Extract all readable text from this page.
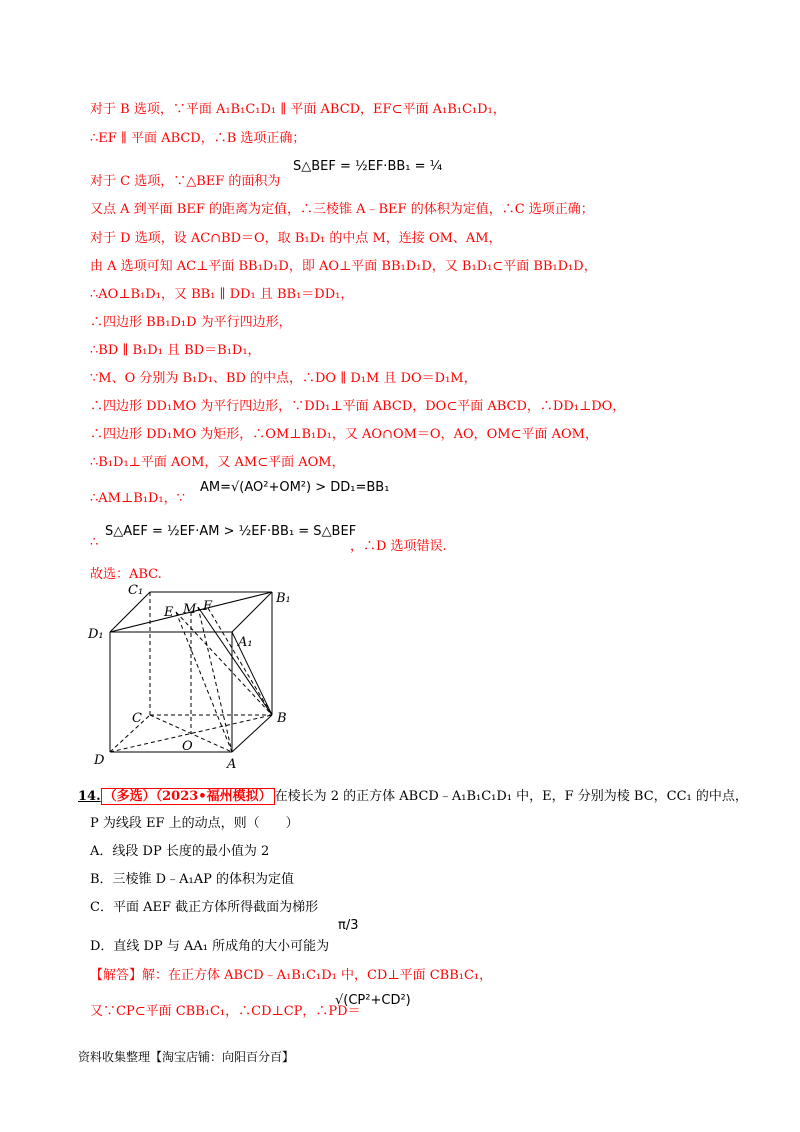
对于 B 选项，∵平面 A₁B₁C₁D₁ ∥ 平面 ABCD，EF⊂平面 A₁B₁C₁D₁，
∴EF ∥ 平面 ABCD，∴B 选项正确；
对于 C 选项，∵△BEF 的面积为
S△BEF = ½EF·BB₁ = ¼
又点 A 到平面 BEF 的距离为定值，∴三棱锥 A﹣BEF 的体积为定值，∴C 选项正确；
对于 D 选项，设 AC∩BD＝O，取 B₁D₁ 的中点 M，连接 OM、AM，
由 A 选项可知 AC⊥平面 BB₁D₁D，即 AO⊥平面 BB₁D₁D，又 B₁D₁⊂平面 BB₁D₁D，
∴AO⊥B₁D₁，又 BB₁ ∥ DD₁ 且 BB₁＝DD₁，
∴四边形 BB₁D₁D 为平行四边形，
∴BD ∥ B₁D₁ 且 BD＝B₁D₁，
∵M、O 分别为 B₁D₁、BD 的中点，∴DO ∥ D₁M 且 DO＝D₁M，
∴四边形 DD₁MO 为平行四边形，∵DD₁⊥平面 ABCD，DO⊂平面 ABCD，∴DD₁⊥DO，
∴四边形 DD₁MO 为矩形，∴OM⊥B₁D₁，又 AO∩OM＝O，AO，OM⊂平面 AOM，
∴B₁D₁⊥平面 AOM，又 AM⊂平面 AOM，
∴AM⊥B₁D₁，∵
AM=√(AO²+OM²) > DD₁=BB₁
∴
S△AEF = ½EF·AM > ½EF·BB₁ = S△BEF
，∴D 选项错误.
故选：ABC.
C₁
B₁
E M F
D₁
A₁
C	B
O
D	A
14. （多选）（2023•福州模拟） 在棱长为 2 的正方体 ABCD﹣A₁B₁C₁D₁ 中，E，F 分别为棱 BC，CC₁ 的中点，
P 为线段 EF 上的动点，则（　　）
A．线段 DP 长度的最小值为 2
B．三棱锥 D﹣A₁AP 的体积为定值
C．平面 AEF 截正方体所得截面为梯形
D．直线 DP 与 AA₁ 所成角的大小可能为
π/3
【解答】解：在正方体 ABCD﹣A₁B₁C₁D₁ 中，CD⊥平面 CBB₁C₁，
又∵CP⊂平面 CBB₁C₁，∴CD⊥CP，∴PD＝
√(CP²+CD²)
资料收集整理【淘宝店铺：向阳百分百】
